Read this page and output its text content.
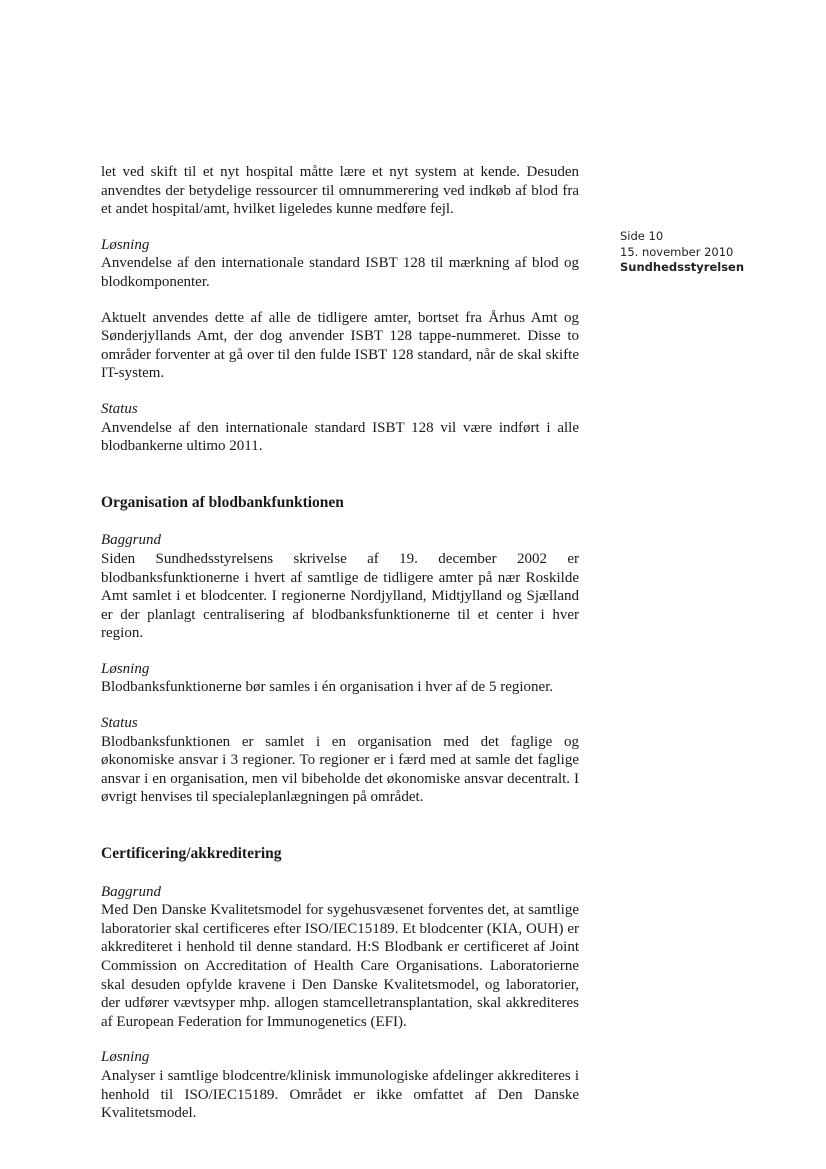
Side 10
15. november 2010
Sundhedsstyrelsen

let ved skift til et nyt hospital måtte lære et nyt system at kende. Desuden anvendtes der betydelige ressourcer til omnummerering ved indkøb af blod fra et andet hospital/amt, hvilket ligeledes kunne medføre fejl.

Løsning

Anvendelse af den internationale standard ISBT 128 til mærkning af blod og blodkomponenter.

Aktuelt anvendes dette af alle de tidligere amter, bortset fra Århus Amt og Sønderjyllands Amt, der dog anvender ISBT 128 tappe-nummeret. Disse to områder forventer at gå over til den fulde ISBT 128 standard, når de skal skifte IT-system.

Status

Anvendelse af den internationale standard ISBT 128 vil være indført i alle blodbankerne ultimo 2011.

Organisation af blodbankfunktionen

Baggrund

Siden Sundhedsstyrelsens skrivelse af 19. december 2002 er blodbanksfunktionerne i hvert af samtlige de tidligere amter på nær Roskilde Amt samlet i et blodcenter. I regionerne Nordjylland, Midtjylland og Sjælland er der planlagt centralisering af blodbanksfunktionerne til et center i hver region.

Løsning

Blodbanksfunktionerne bør samles i én organisation i hver af de 5 regioner.

Status

Blodbanksfunktionen er samlet i en organisation med det faglige og økonomiske ansvar i 3 regioner. To regioner er i færd med at samle det faglige ansvar i en organisation, men vil bibeholde det økonomiske ansvar decentralt. I øvrigt henvises til specialeplanlægningen på området.

Certificering/akkreditering

Baggrund

Med Den Danske Kvalitetsmodel for sygehusvæsenet forventes det, at samtlige laboratorier skal certificeres efter ISO/IEC15189. Et blodcenter (KIA, OUH) er akkrediteret i henhold til denne standard. H:S Blodbank er certificeret af Joint Commission on Accreditation of Health Care Organisations. Laboratorierne skal desuden opfylde kravene i Den Danske Kvalitetsmodel, og laboratorier, der udfører vævtsyper mhp. allogen stamcelletransplantation, skal akkrediteres af European Federation for Immunogenetics (EFI).

Løsning

Analyser i samtlige blodcentre/klinisk immunologiske afdelinger akkrediteres i henhold til ISO/IEC15189. Området er ikke omfattet af Den Danske Kvalitetsmodel.
